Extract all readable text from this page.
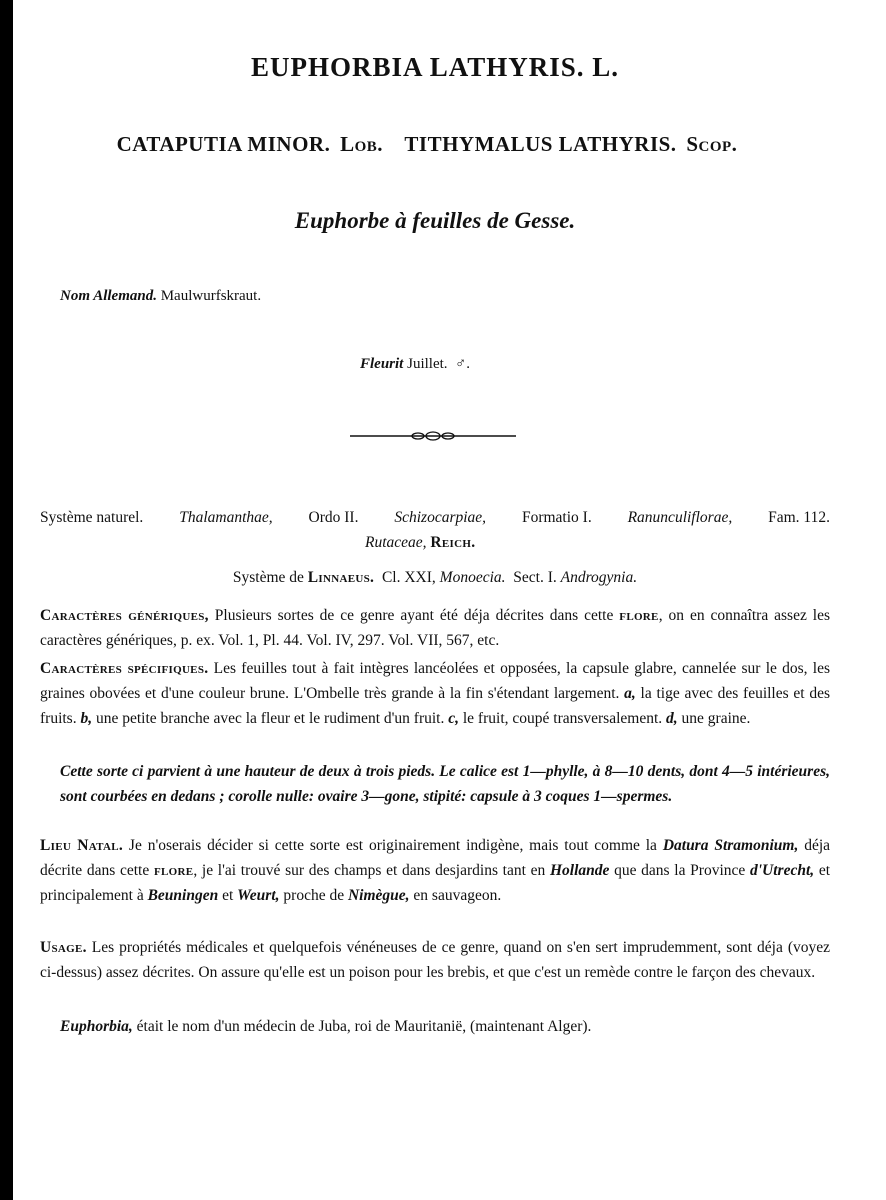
EUPHORBIA LATHYRIS. L.
CATAPUTIA MINOR. Lob. TITHYMALUS LATHYRIS. Scop.
Euphorbe à feuilles de Gesse.
Nom Allemand. Maulwurfskraut.
Fleurit Juillet. ♂.
Système naturel. Thalamanthae, Ordo II. Schizocarpiae, Formatio I. Ranunculiflorae, Fam. 112.
Rutaceae, Reich.
Système de Linnaeus. Cl. XXI, Monoecia. Sect. I. Androgynia.
Caractères génériques, Plusieurs sortes de ce genre ayant été déja décrites dans cette flore, on en connaîtra assez les caractères génériques, p. ex. Vol. 1, Pl. 44. Vol. IV, 297. Vol. VII, 567, etc.
Caractères spécifiques. Les feuilles tout à fait intègres lancéolées et opposées, la capsule glabre, cannelée sur le dos, les graines obovées et d'une couleur brune. L'Ombelle très grande à la fin s'étendant largement. a, la tige avec des feuilles et des fruits. b, une petite branche avec la fleur et le rudiment d'un fruit. c, le fruit, coupé transversalement. d, une graine.
Cette sorte ci parvient à une hauteur de deux à trois pieds. Le calice est 1—phylle, à 8—10 dents, dont 4—5 intérieures, sont courbées en dedans ; corolle nulle: ovaire 3—gone, stipité: capsule à 3 coques 1—spermes.
Lieu Natal. Je n'oserais décider si cette sorte est originairement indigène, mais tout comme la Datura Stramonium, déja décrite dans cette flore, je l'ai trouvé sur des champs et dans desjardins tant en Hollande que dans la Province d'Utrecht, et principalement à Beuningen et Weurt, proche de Nimègue, en sauvageon.
Usage. Les propriétés médicales et quelquefois vénéneuses de ce genre, quand on s'en sert imprudemment, sont déja (voyez ci-dessus) assez décrites. On assure qu'elle est un poison pour les brebis, et que c'est un remède contre le farçon des chevaux.
Euphorbia, était le nom d'un médecin de Juba, roi de Mauritanië, (maintenant Alger).
